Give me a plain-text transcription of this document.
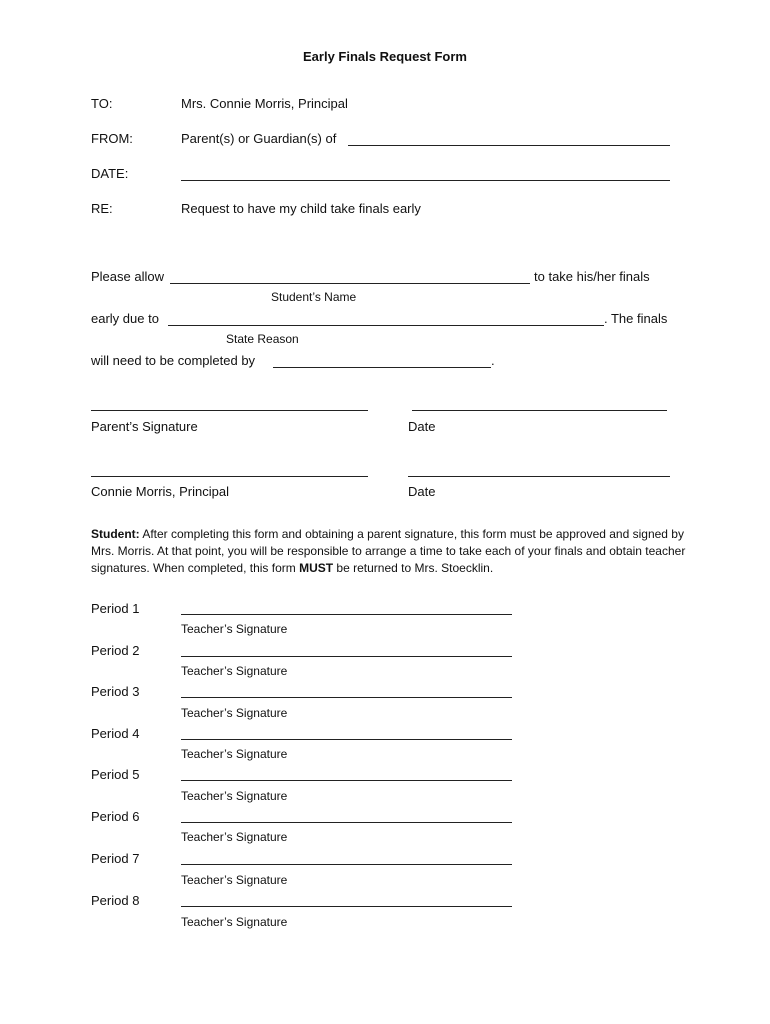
Early Finals Request Form
TO:	Mrs. Connie Morris, Principal
FROM:	Parent(s) or Guardian(s) of
DATE:
RE:	Request to have my child take finals early
Please allow	to take his/her finals
Student’s Name
early due to	. The finals
State Reason
will need to be completed by	.
Parent’s Signature	Date
Connie Morris, Principal	Date
Student: After completing this form and obtaining a parent signature, this form must be approved and signed by Mrs. Morris. At that point, you will be responsible to arrange a time to take each of your finals and obtain teacher signatures. When completed, this form MUST be returned to Mrs. Stoecklin.
Period 1
Teacher’s Signature
Period 2
Teacher’s Signature
Period 3
Teacher’s Signature
Period 4
Teacher’s Signature
Period 5
Teacher’s Signature
Period 6
Teacher’s Signature
Period 7
Teacher’s Signature
Period 8
Teacher’s Signature
